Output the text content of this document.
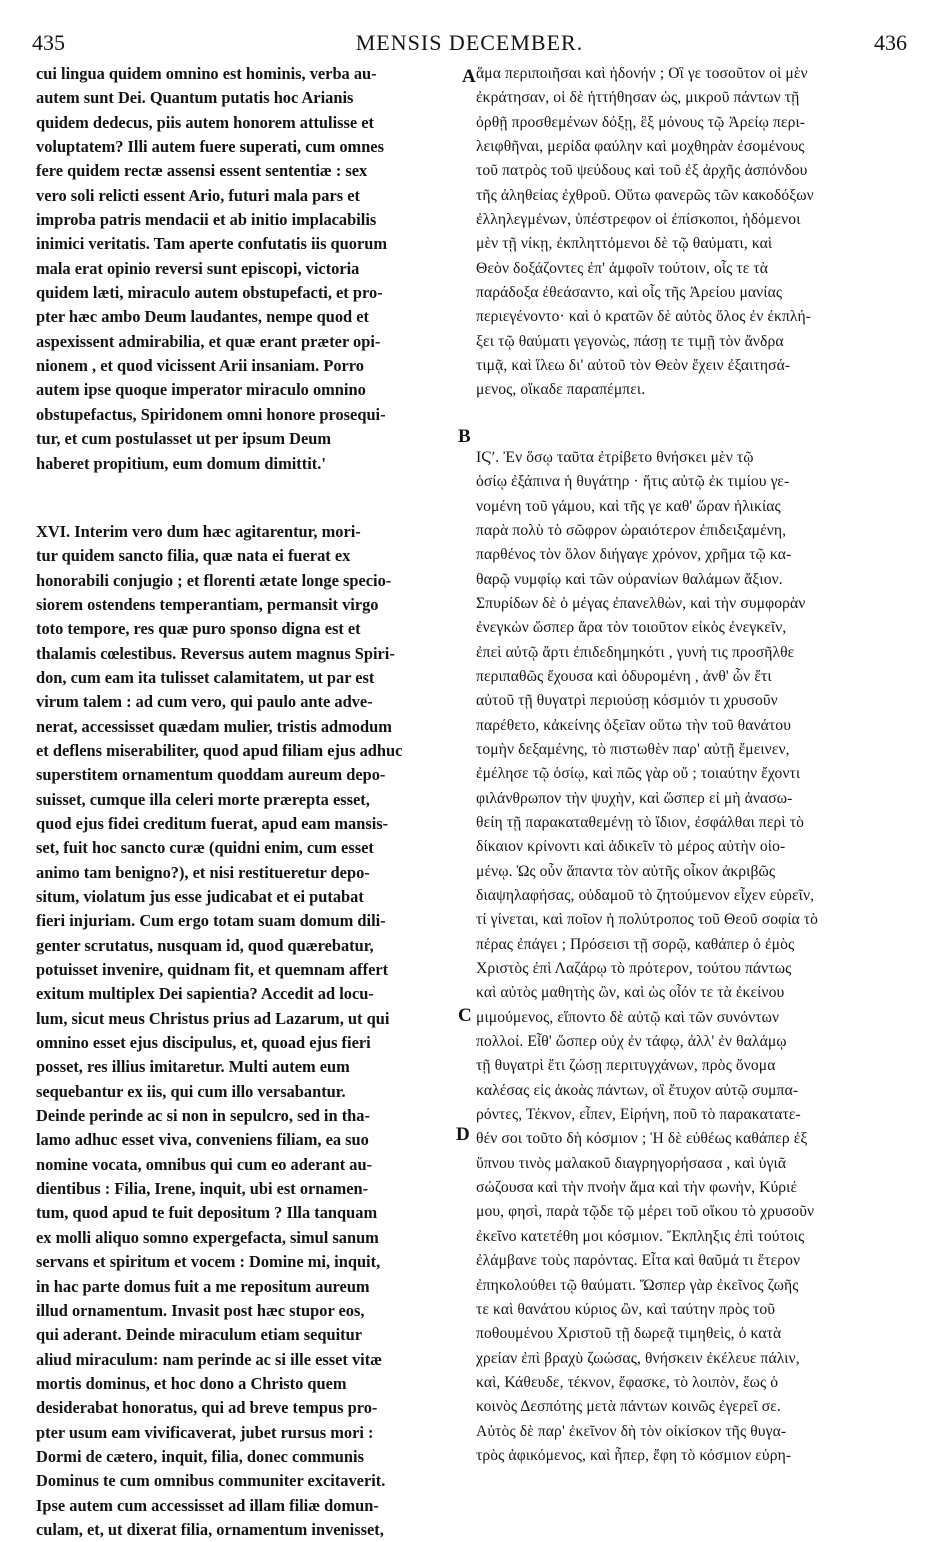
435	MENSIS DECEMBER.	436
cui lingua quidem omnino est hominis, verba au-
autem sunt Dei. Quantum putatis hoc Arianis
quidem dedecus, piis autem honorem attulisse et
voluptatem? Illi autem fuere superati, cum omnes
fere quidem rectæ assensi essent sententiæ : sex
vero soli relicti essent Ario, futuri mala pars et
improba patris mendacii et ab initio implacabilis
inimici veritatis. Tam aperte confutatis iis quorum
mala erat opinio reversi sunt episcopi, victoria
quidem læti, miraculo autem obstupefacti, et pro-
pter hæc ambo Deum laudantes, nempe quod et
aspexissent admirabilia, et quæ erant præter opi-
nionem , et quod vicissent Arii insaniam. Porro
autem ipse quoque imperator miraculo omnino
obstupefactus, Spiridonem omni honore prosequi-
tur, et cum postulasset ut per ipsum Deum
haberet propitium, eum domum dimittit.'
XVI. Interim vero dum hæc agitarentur, mori-
tur quidem sancto filia, quæ nata ei fuerat ex
honorabili conjugio ; et florenti ætate longe specio-
siorem ostendens temperantiam, permansit virgo
toto tempore, res quæ puro sponso digna est et
thalamis cœlestibus. Reversus autem magnus Spiri-
don, cum eam ita tulisset calamitatem, ut par est
virum talem : ad cum vero, qui paulo ante adve-
nerat, accessisset quædam mulier, tristis admodum
et deflens miserabiliter, quod apud filiam ejus adhuc
superstitem ornamentum quoddam aureum depo-
suisset, cumque illa celeri morte prærepta esset,
quod ejus fidei creditum fuerat, apud eam mansis-
set, fuit hoc sancto curæ (quidni enim, cum esset
animo tam benigno?), et nisi restitueretur depo-
situm, violatum jus esse judicabat et ei putabat
fieri injuriam. Cum ergo totam suam domum dili-
genter scrutatus, nusquam id, quod quærebatur,
potuisset invenire, quidnam fit, et quemnam affert
exitum multiplex Dei sapientia? Accedit ad locu-
lum, sicut meus Christus prius ad Lazarum, ut qui
omnino esset ejus discipulus, et, quoad ejus fieri
posset, res illius imitaretur. Multi autem eum
sequebantur ex iis, qui cum illo versabantur.
Deinde perinde ac si non in sepulcro, sed in tha-
lamo adhuc esset viva, conveniens filiam, ea suo
nomine vocata, omnibus qui cum eo aderant au-
dientibus : Filia, Irene, inquit, ubi est ornamen-
tum, quod apud te fuit depositum ? Illa tanquam
ex molli aliquo somno expergefacta, simul sanum
servans et spiritum et vocem : Domine mi, inquit,
in hac parte domus fuit a me repositum aureum
illud ornamentum. Invasit post hæc stupor eos,
qui aderant. Deinde miraculum etiam sequitur
aliud miraculum: nam perinde ac si ille esset vitæ
mortis dominus, et hoc dono a Christo quem
desiderabat honoratus, qui ad breve tempus pro-
pter usum eam vivificaverat, jubet rursus mori :
Dormi de cætero, inquit, filia, donec communis
Dominus te cum omnibus communiter excitaverit.
Ipse autem cum accessisset ad illam filiæ domun-
culam, et, ut dixerat filia, ornamentum invenisset,
ἅμα περιποιῆσαι καὶ ἡδονήν ; Οἳ γε τοσοῦτον οἱ μὲν
ἐκράτησαν, οἱ δὲ ἡττήθησαν ὡς, μικροῦ πάντων τῇ
ὀρθῇ προσθεμένων δόξῃ, ἓξ μόνους τῷ Ἀρείῳ περι-
λειφθῆναι, μερίδα φαύλην καὶ μοχθηρὰν ἐσομένους
τοῦ πατρὸς τοῦ ψεύδους καὶ τοῦ ἐξ ἀρχῆς ἀσπόνδου
τῆς ἀληθείας ἐχθροῦ. Οὕτω φανερῶς τῶν κακοδόξων
ἐλληλεγμένων, ὑπέστρεφον οἱ ἐπίσκοποι, ἡδόμενοι
μὲν τῇ νίκῃ, ἐκπληττόμενοι δὲ τῷ θαύματι, καὶ
Θεὸν δοξάζοντες ἐπ' ἀμφοῖν τούτοιν, οἷς τε τὰ
παράδοξα ἐθεάσαντο, καὶ οἷς τῆς Ἀρείου μανίας
περιεγένοντο· καὶ ὁ κρατῶν δὲ αὐτὸς ὅλος ἐν ἐκπλή-
ξει τῷ θαύματι γεγονὼς, πάσῃ τε τιμῇ τὸν ἄνδρα
τιμᾷ, καὶ ἵλεω δι' αὐτοῦ τὸν Θεὸν ἔχειν ἐξαιτησά-
μενος, οἴκαδε παραπέμπει.
ΙϚʹ. Ἐν ὅσῳ ταῦτα ἐτρίβετο θνήσκει μὲν τῷ
ὁσίῳ ἐξάπινα ἡ θυγάτηρ · ἥτις αὐτῷ ἐκ τιμίου γε-
νομένη τοῦ γάμου, καὶ τῆς γε καθ' ὥραν ἡλικίας
παρὰ πολὺ τὸ σῶφρον ὡραιότερον ἐπιδειξαμένη,
παρθένος τὸν ὅλον διήγαγε χρόνον, χρῆμα τῷ κα-
θαρῷ νυμφίῳ καὶ τῶν οὐρανίων θαλάμων ἄξιον.
Σπυρίδων δὲ ὁ μέγας ἐπανελθὼν, καὶ τὴν συμφορὰν
ἐνεγκὼν ὥσπερ ἄρα τὸν τοιοῦτον εἰκὸς ἐνεγκεῖν,
ἐπεὶ αὐτῷ ἄρτι ἐπιδεδημηκότι , γυνή τις προσῆλθε
περιπαθῶς ἔχουσα καὶ ὀδυρομένη , ἀνθ' ὧν ἔτι
αὐτοῦ τῇ θυγατρὶ περιούσῃ κόσμιόν τι χρυσοῦν
παρέθετο, κἀκείνης ὀξεῖαν οὕτω τὴν τοῦ θανάτου
τομὴν δεξαμένης, τὸ πιστωθὲν παρ' αὐτῇ ἔμεινεν,
ἐμέλησε τῷ ὁσίῳ, καὶ πῶς γὰρ οὔ ; τοιαύτην ἔχοντι
φιλάνθρωπον τὴν ψυχὴν, καὶ ὥσπερ εἰ μὴ ἀνασω-
θείη τῇ παρακαταθεμένῃ τὸ ἴδιον, ἐσφάλθαι περὶ τὸ
δίκαιον κρίνοντι καὶ ἀδικεῖν τὸ μέρος αὐτὴν οἰο-
μένῳ. Ὡς οὖν ἅπαντα τὸν αὐτῆς οἶκον ἀκριβῶς
διαψηλαφήσας, οὐδαμοῦ τὸ ζητούμενον εἶχεν εὑρεῖν,
τί γίνεται, καὶ ποῖον ἡ πολύτροπος τοῦ Θεοῦ σοφία τὸ
πέρας ἐπάγει ; Πρόσεισι τῇ σορῷ, καθάπερ ὁ ἐμὸς
Χριστὸς ἐπὶ Λαζάρῳ τὸ πρότερον, τούτου πάντως
καὶ αὐτὸς μαθητὴς ὢν, καὶ ὡς οἷόν τε τὰ ἐκείνου
μιμούμενος, εἵποντο δὲ αὐτῷ καὶ τῶν συνόντων
πολλοί. Εἶθ' ὥσπερ οὐχ ἐν τάφῳ, ἀλλ' ἐν θαλάμῳ
τῇ θυγατρὶ ἔτι ζώσῃ περιτυγχάνων, πρὸς ὄνομα
καλέσας εἰς ἀκοὰς πάντων, οἳ ἔτυχον αὐτῷ συμπα-
ρόντες, Τέκνον, εἶπεν, Εἰρήνη, ποῦ τὸ παρακατατε-
θέν σοι τοῦτο δὴ κόσμιον ; Ἡ δὲ εὐθέως καθάπερ ἐξ
ὕπνου τινὸς μαλακοῦ διαγρηγορήσασα , καὶ ὑγιᾶ
σώζουσα καὶ τὴν πνοὴν ἅμα καὶ τὴν φωνὴν, Κύριέ
μου, φησὶ, παρὰ τῷδε τῷ μέρει τοῦ οἴκου τὸ χρυσοῦν
ἐκεῖνο κατετέθη μοι κόσμιον. Ἔκπληξις ἐπὶ τούτοις
ἐλάμβανε τοὺς παρόντας. Εἶτα καὶ θαῦμά τι ἕτερον
ἐπηκολούθει τῷ θαύματι. Ὥσπερ γὰρ ἐκεῖνος ζωῆς
τε καὶ θανάτου κύριος ὢν, καὶ ταύτην πρὸς τοῦ
ποθουμένου Χριστοῦ τῇ δωρεᾷ τιμηθεὶς, ὁ κατὰ
χρείαν ἐπὶ βραχὺ ζωώσας, θνήσκειν ἐκέλευε πάλιν,
καὶ, Κάθευδε, τέκνον, ἔφασκε, τὸ λοιπὸν, ἕως ὁ
κοινὸς Δεσπότης μετὰ πάντων κοινῶς ἐγερεῖ σε.
Αὐτὸς δὲ παρ' ἐκεῖνον δὴ τὸν οἰκίσκον τῆς θυγα-
τρὸς ἀφικόμενος, καὶ ἧπερ, ἔφη τὸ κόσμιον εὑρη-
A
B
C
D
